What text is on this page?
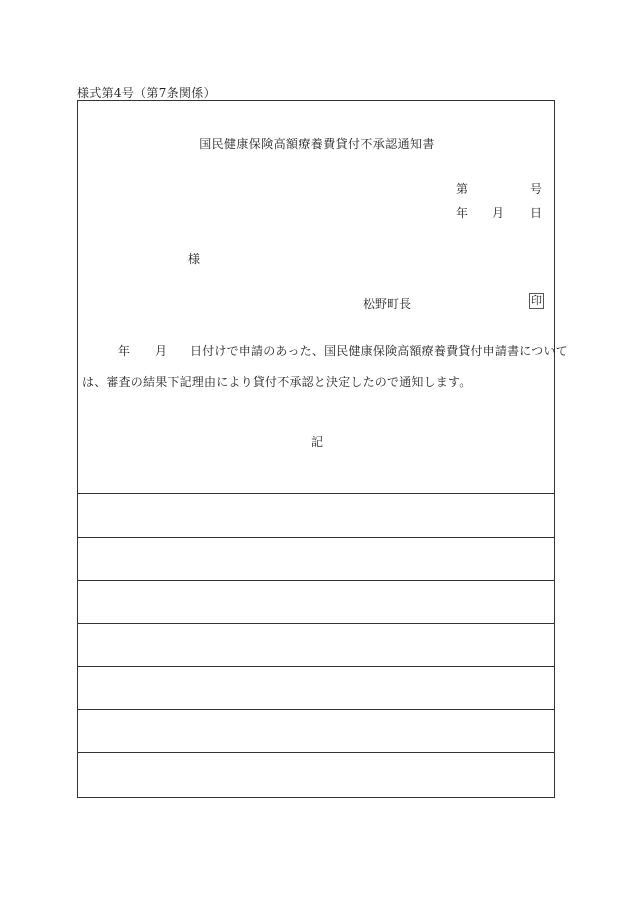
様式第4号（第7条関係）
国民健康保険高額療養費貸付不承認通知書
第	号
年 月 日
様
松野町長	印
年 月 日付けで申請のあった、国民健康保険高額療養費貸付申請書について
は、審査の結果下記理由により貸付不承認と決定したので通知します。
記
